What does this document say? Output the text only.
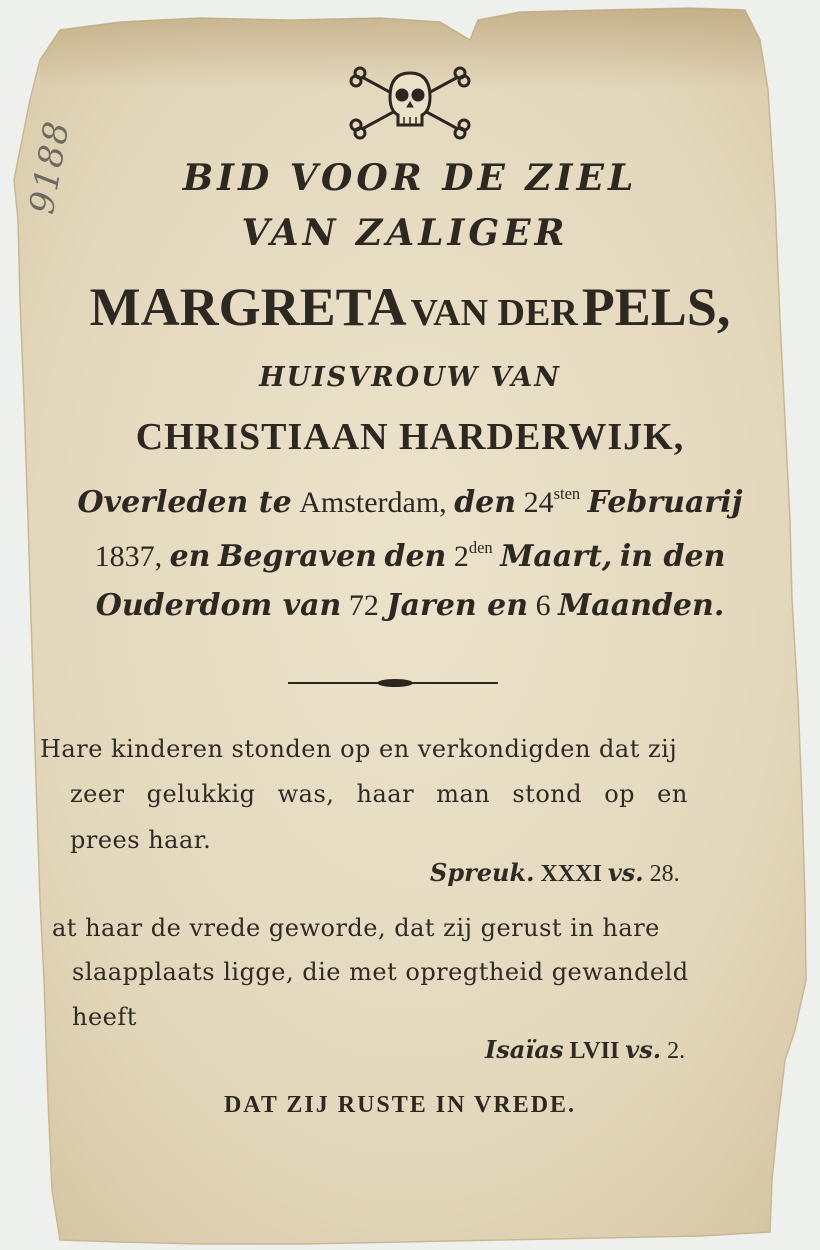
9188	BID VOOR DE ZIEL
VAN ZALIGER
MARGRETA VAN DER PELS,
HUISVROUW VAN
CHRISTIAAN HARDERWIJK,
Overleden te Amsterdam, den $24^{sten}$ Februarij
1837, en Begraven den $2^{den}$ Maart, in den
Ouderdom van 72 Jaren en 6 Maanden.
Hare kinderen stonden op en verkondigden dat zij
zeer gelukkig was, haar man stond op en
prees haar.
Spreuk. XXXI vs. 28.
at haar de vrede geworde, dat zij gerust in hare
slaapplaats ligge, die met opregtheid gewandeld
heeft
Isaïas LVII vs. 2.
DAT ZIJ RUSTE IN VREDE.
